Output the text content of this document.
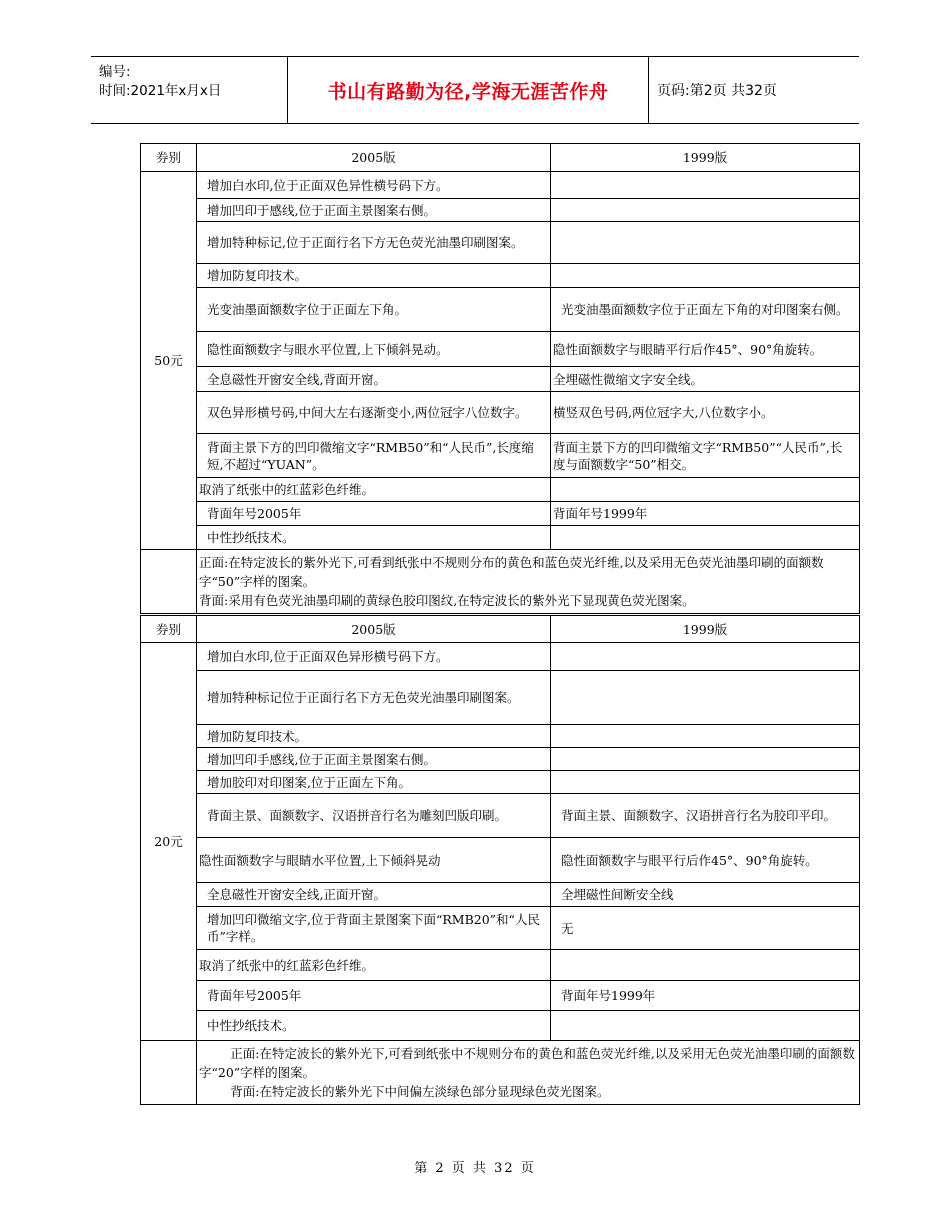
编号:
时间:2021年x月x日	书山有路勤为径,学海无涯苦作舟	页码:第2页 共32页
券别	2005版	1999版
50元	增加白水印,位于正面双色异性横号码下方。	
	增加凹印于感线,位于正面主景图案右侧。	
	增加特种标记,位于正面行名下方无色荧光油墨印刷图案。	
	增加防复印技术。	
	光变油墨面额数字位于正面左下角。	光变油墨面额数字位于正面左下角的对印图案右侧。
	隐性面额数字与眼水平位置,上下倾斜晃动。	隐性面额数字与眼睛平行后作45°、90°角旋转。
	全息磁性开窗安全线,背面开窗。	全埋磁性微缩文字安全线。
	双色异形横号码,中间大左右逐渐变小,两位冠字八位数字。	横竖双色号码,两位冠字大,八位数字小。
	背面主景下方的凹印微缩文字“RMB50”和“人民币”,长度缩短,不超过“YUAN”。	背面主景下方的凹印微缩文字“RMB50”“人民币”,长度与面额数字“50”相交。
	取消了纸张中的红蓝彩色纤维。	
	背面年号2005年	背面年号1999年
	中性抄纸技术。	

	正面:在特定波长的紫外光下,可看到纸张中不规则分布的黄色和蓝色荧光纤维,以及采用无色荧光油墨印刷的面额数字“50”字样的图案。
背面:采用有色荧光油墨印刷的黄绿色胶印图纹,在特定波长的紫外光下显现黄色荧光图案。	
券别	2005版	1999版
20元	增加白水印,位于正面双色异形横号码下方。	
	增加特种标记位于正面行名下方无色荧光油墨印刷图案。	
	增加防复印技术。	
	增加凹印手感线,位于正面主景图案右侧。	
	增加胶印对印图案,位于正面左下角。	
	背面主景、面额数字、汉语拼音行名为雕刻凹版印刷。	背面主景、面额数字、汉语拼音行名为胶印平印。
	隐性面额数字与眼睛水平位置,上下倾斜晃动	隐性面额数字与眼平行后作45°、90°角旋转。
	全息磁性开窗安全线,正面开窗。	全埋磁性间断安全线
	增加凹印微缩文字,位于背面主景图案下面“RMB20”和“人民币”字样。	无
	取消了纸张中的红蓝彩色纤维。	
	背面年号2005年	背面年号1999年
	中性抄纸技术。	

	正面:在特定波长的紫外光下,可看到纸张中不规则分布的黄色和蓝色荧光纤维,以及采用无色荧光油墨印刷的面额数字“20”字样的图案。
背面:在特定波长的紫外光下中间偏左淡绿色部分显现绿色荧光图案。	
第 2 页 共 32 页
